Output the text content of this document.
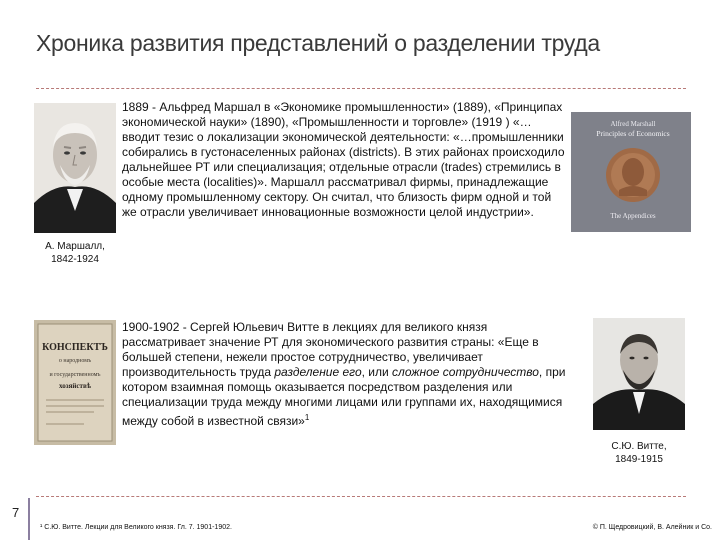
Хроника развития представлений о разделении труда
А. Маршалл,
1842-1924
1889 - Альфред Маршал в «Экономике промышленности» (1889), «Принципах экономической науки» (1890), «Промышленности и торговле» (1919 ) «…вводит тезис о локализации экономической деятельности: «…промышленники собирались в густонаселенных районах (districts). В этих районах происходило дальнейшее РТ или специализация; отдельные отрасли (trades) стремились в особые места (localities)». Маршалл рассматривал фирмы, принадлежащие одному промышленному сектору. Он считал, что близость фирм одной и той же отрасли увеличивает инновационные возможности целой индустрии».
Alfred Marshall
Principles of Economics
The Appendices
КОНСПЕКТЪ
о народномъ
и государственномъ
хозяйствѣ
1900-1902 - Сергей Юльевич Витте в лекциях для великого князя рассматривает значение РТ для экономического развития страны: «Еще в большей степени, нежели простое сотрудничество, увеличивает производительность труда разделение его, или сложное сотрудничество, при котором взаимная помощь оказывается посредством разделения или специализации труда между многими лицами или группами их, находящимися между собой в известной связи»$^1$
С.Ю. Витте,
1849-1915
7
¹ С.Ю. Витте. Лекции для Великого князя. Гл. 7. 1901-1902.	© П. Щедровицкий, В. Алейник и Со.
